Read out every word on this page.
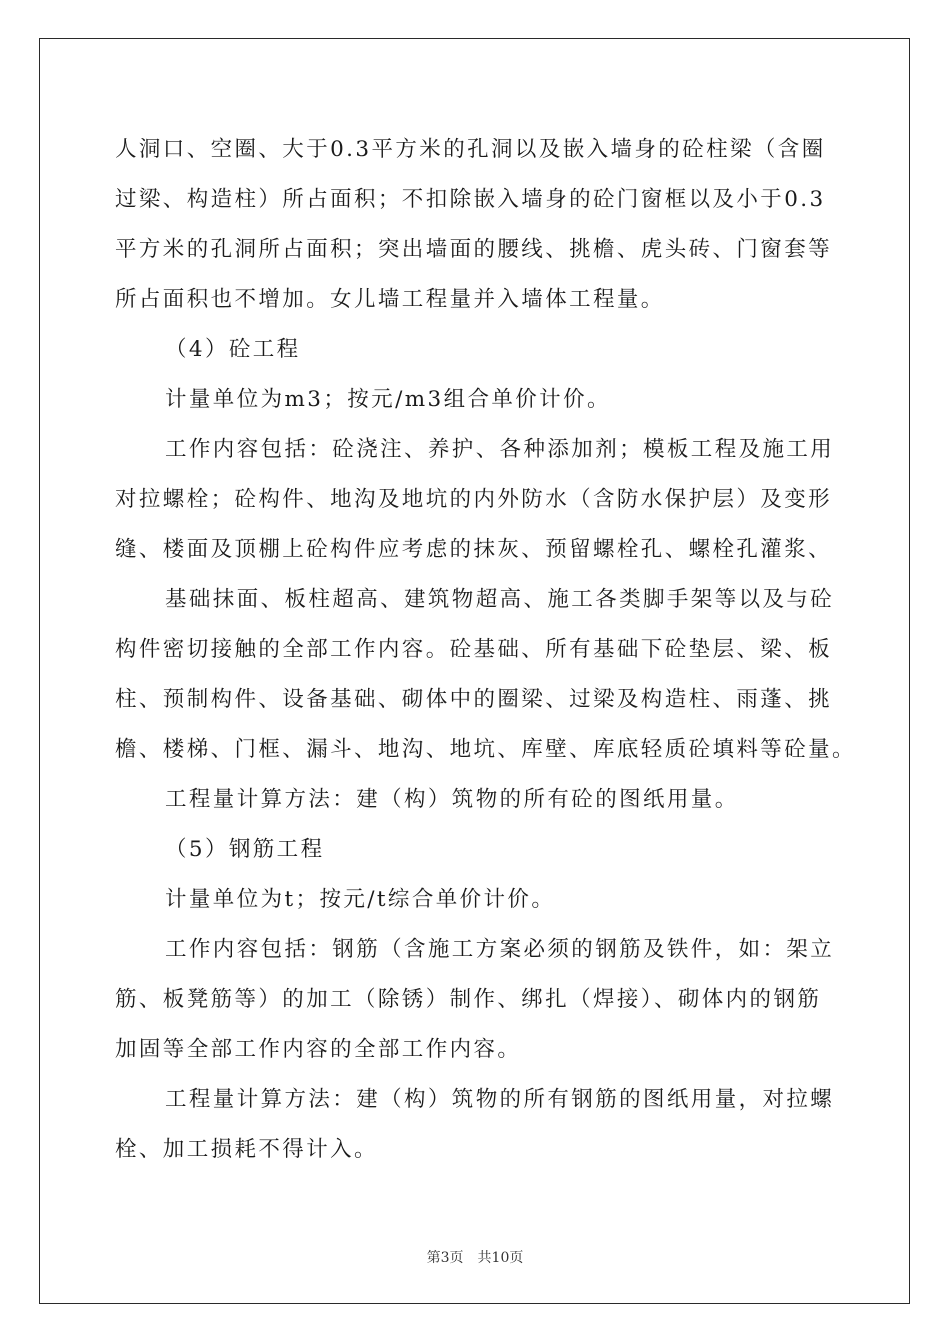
人洞口、空圈、大于0.3平方米的孔洞以及嵌入墙身的砼柱梁（含圈
过梁、构造柱）所占面积；不扣除嵌入墙身的砼门窗框以及小于0.3
平方米的孔洞所占面积；突出墙面的腰线、挑檐、虎头砖、门窗套等
所占面积也不增加。女儿墙工程量并入墙体工程量。
（4）砼工程
计量单位为m3；按元/m3组合单价计价。
工作内容包括：砼浇注、养护、各种添加剂；模板工程及施工用
对拉螺栓；砼构件、地沟及地坑的内外防水（含防水保护层）及变形
缝、楼面及顶棚上砼构件应考虑的抹灰、预留螺栓孔、螺栓孔灌浆、
基础抹面、板柱超高、建筑物超高、施工各类脚手架等以及与砼
构件密切接触的全部工作内容。砼基础、所有基础下砼垫层、梁、板
柱、预制构件、设备基础、砌体中的圈梁、过梁及构造柱、雨蓬、挑
檐、楼梯、门框、漏斗、地沟、地坑、库壁、库底轻质砼填料等砼量。
工程量计算方法：建（构）筑物的所有砼的图纸用量。
（5）钢筋工程
计量单位为t；按元/t综合单价计价。
工作内容包括：钢筋（含施工方案必须的钢筋及铁件，如：架立
筋、板凳筋等）的加工（除锈）制作、绑扎（焊接）、砌体内的钢筋
加固等全部工作内容的全部工作内容。
工程量计算方法：建（构）筑物的所有钢筋的图纸用量，对拉螺
栓、加工损耗不得计入。
第3页　共10页
